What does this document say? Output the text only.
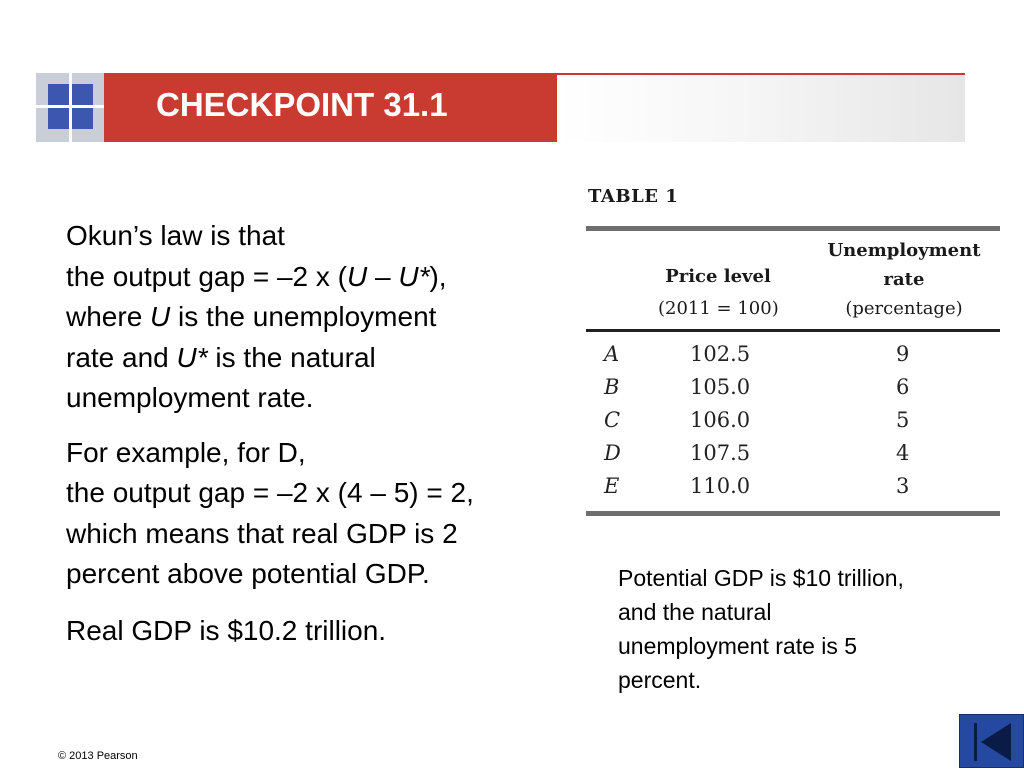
CHECKPOINT 31.1
Okun’s law is that
the output gap = –2 x (U – U*),
where U is the unemployment
rate and U* is the natural
unemployment rate.
For example, for D,
the output gap = –2 x (4 – 5) = 2,
which means that real GDP is 2
percent above potential GDP.
Real GDP is $10.2 trillion.
TABLE 1
Price level
(2011 = 100)
Unemployment
rate
(percentage)
A	102.5	9
B	105.0	6
C	106.0	5
D	107.5	4
E	110.0	3
Potential GDP is $10 trillion,
and the natural
unemployment rate is 5
percent.
© 2013 Pearson
